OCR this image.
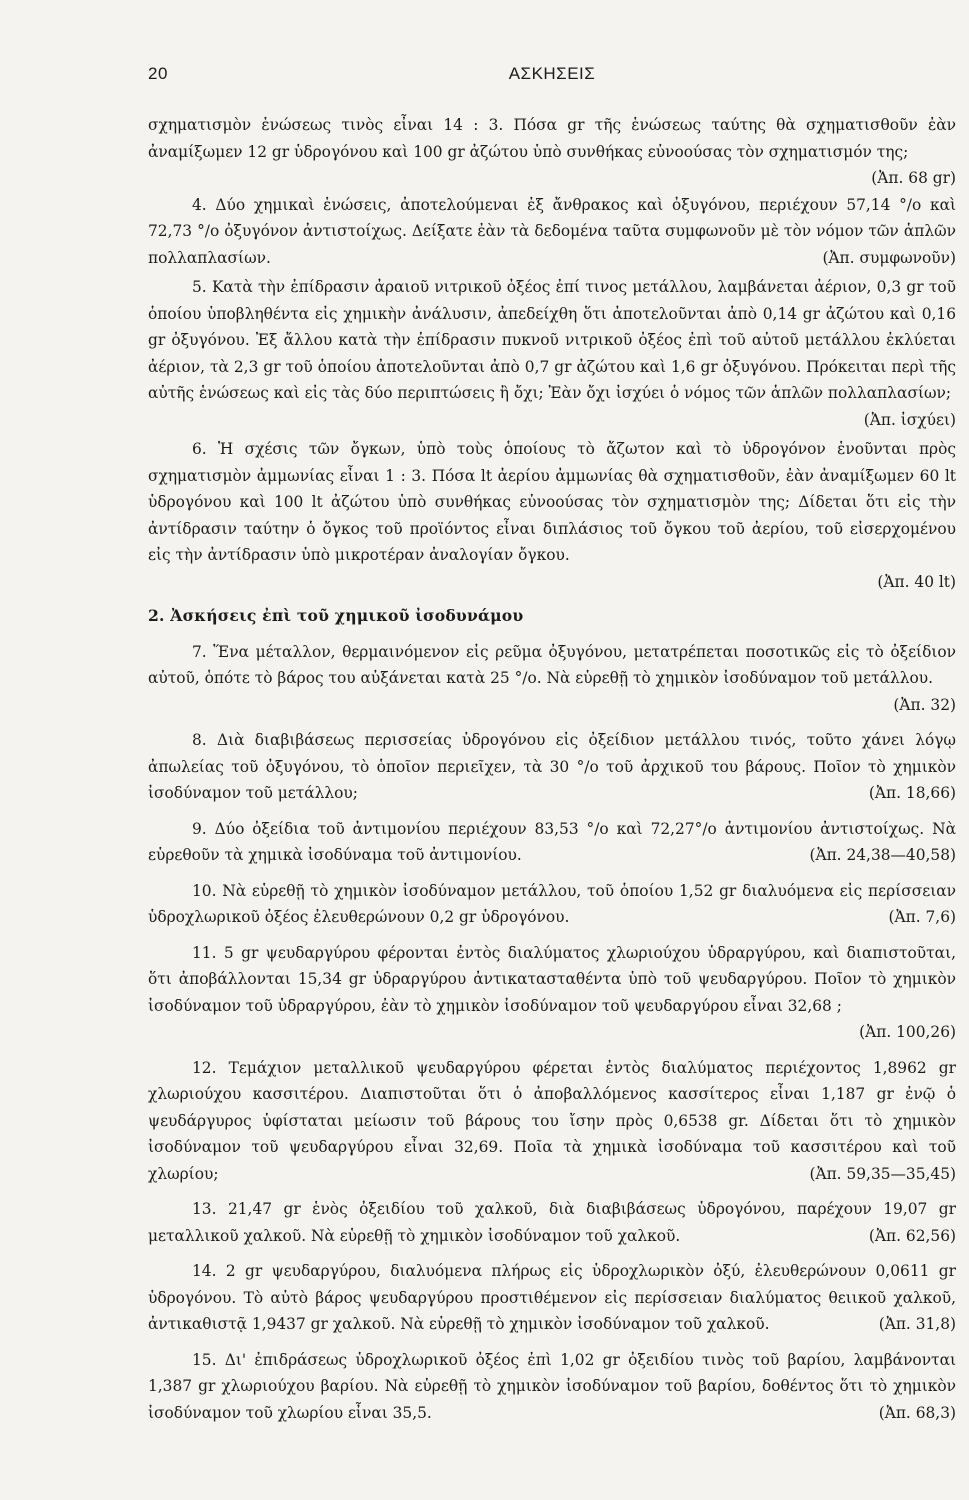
20	ΑΣΚΗΣΕΙΣ

σχηματισμὸν ἑνώσεως τινὸς εἶναι 14 : 3. Πόσα gr τῆς ἑνώσεως ταύτης θὰ σχηματισθοῦν ἐὰν ἀναμίξωμεν 12 gr ὑδρογόνου καὶ 100 gr ἀζώτου ὑπὸ συνθήκας εὐνοούσας τὸν σχηματισμόν της;
(Ἀπ. 68 gr)

4. Δύο χημικαὶ ἑνώσεις, ἀποτελούμεναι ἐξ ἄνθρακος καὶ ὀξυγόνου, περιέχουν 57,14 °/ο καὶ 72,73 °/ο ὀξυγόνον ἀντιστοίχως. Δείξατε ἐὰν τὰ δεδομένα ταῦτα συμφωνοῦν μὲ τὸν νόμον τῶν ἁπλῶν πολλαπλασίων.	(Ἀπ. συμφωνοῦν)

5. Κατὰ τὴν ἐπίδρασιν ἀραιοῦ νιτρικοῦ ὀξέος ἐπί τινος μετάλλου, λαμβάνεται ἀέριον, 0,3 gr τοῦ ὁποίου ὑποβληθέντα εἰς χημικὴν ἀνάλυσιν, ἀπεδείχθη ὅτι ἀποτελοῦνται ἀπὸ 0,14 gr ἀζώτου καὶ 0,16 gr ὀξυγόνου. Ἐξ ἄλλου κατὰ τὴν ἐπίδρασιν πυκνοῦ νιτρικοῦ ὀξέος ἐπὶ τοῦ αὐτοῦ μετάλλου ἐκλύεται ἀέριον, τὰ 2,3 gr τοῦ ὁποίου ἀποτελοῦνται ἀπὸ 0,7 gr ἀζώτου καὶ 1,6 gr ὀξυγόνου. Πρόκειται περὶ τῆς αὐτῆς ἑνώσεως καὶ εἰς τὰς δύο περιπτώσεις ἢ ὄχι; Ἐὰν ὄχι ἰσχύει ὁ νόμος τῶν ἁπλῶν πολλαπλασίων;
(Ἀπ. ἰσχύει)

6. Ἡ σχέσις τῶν ὄγκων, ὑπὸ τοὺς ὁποίους τὸ ἄζωτον καὶ τὸ ὑδρογόνον ἑνοῦνται πρὸς σχηματισμὸν ἀμμωνίας εἶναι 1 : 3. Πόσα lt ἀερίου ἀμμωνίας θὰ σχηματισθοῦν, ἐὰν ἀναμίξωμεν 60 lt ὑδρογόνου καὶ 100 lt ἀζώτου ὑπὸ συνθήκας εὐνοούσας τὸν σχηματισμὸν της; Δίδεται ὅτι εἰς τὴν ἀντίδρασιν ταύτην ὁ ὄγκος τοῦ προϊόντος εἶναι διπλάσιος τοῦ ὄγκου τοῦ ἀερίου, τοῦ εἰσερχομένου εἰς τὴν ἀντίδρασιν ὑπὸ μικροτέραν ἀναλογίαν ὄγκου.

(Ἀπ. 40 lt)

2. Ἀσκήσεις ἐπὶ τοῦ χημικοῦ ἰσοδυνάμου

7. Ἕνα μέταλλον, θερμαινόμενον εἰς ρεῦμα ὀξυγόνου, μετατρέπεται ποσοτικῶς εἰς τὸ ὀξείδιον αὐτοῦ, ὁπότε τὸ βάρος του αὐξάνεται κατὰ 25 °/ο. Νὰ εὑρεθῇ τὸ χημικὸν ἰσοδύναμον τοῦ μετάλλου.
(Ἀπ. 32)

8. Διὰ διαβιβάσεως περισσείας ὑδρογόνου εἰς ὀξείδιον μετάλλου τινός, τοῦτο χάνει λόγῳ ἀπωλείας τοῦ ὀξυγόνου, τὸ ὁποῖον περιεῖχεν, τὰ 30 °/ο τοῦ ἀρχικοῦ του βάρους. Ποῖον τὸ χημικὸν ἰσοδύναμον τοῦ μετάλλου;	(Ἀπ. 18,66)

9. Δύο ὀξείδια τοῦ ἀντιμονίου περιέχουν 83,53 °/ο καὶ 72,27°/ο ἀντιμονίου ἀντιστοίχως. Νὰ εὑρεθοῦν τὰ χημικὰ ἰσοδύναμα τοῦ ἀντιμονίου.	(Ἀπ. 24,38—40,58)

10. Νὰ εὑρεθῇ τὸ χημικὸν ἰσοδύναμον μετάλλου, τοῦ ὁποίου 1,52 gr διαλυόμενα εἰς περίσσειαν ὑδροχλωρικοῦ ὀξέος ἐλευθερώνουν 0,2 gr ὑδρογόνου.	(Ἀπ. 7,6)

11. 5 gr ψευδαργύρου φέρονται ἐντὸς διαλύματος χλωριούχου ὑδραργύρου, καὶ διαπιστοῦται, ὅτι ἀποβάλλονται 15,34 gr ὑδραργύρου ἀντικατασταθέντα ὑπὸ τοῦ ψευδαργύρου. Ποῖον τὸ χημικὸν ἰσοδύναμον τοῦ ὑδραργύρου, ἐὰν τὸ χημικὸν ἰσοδύναμον τοῦ ψευδαργύρου εἶναι 32,68 ;
(Ἀπ. 100,26)

12. Τεμάχιον μεταλλικοῦ ψευδαργύρου φέρεται ἐντὸς διαλύματος περιέχοντος 1,8962 gr χλωριούχου κασσιτέρου. Διαπιστοῦται ὅτι ὁ ἀποβαλλόμενος κασσίτερος εἶναι 1,187 gr ἐνῷ ὁ ψευδάργυρος ὑφίσταται μείωσιν τοῦ βάρους του ἴσην πρὸς 0,6538 gr. Δίδεται ὅτι τὸ χημικὸν ἰσοδύναμον τοῦ ψευδαργύρου εἶναι 32,69. Ποῖα τὰ χημικὰ ἰσοδύναμα τοῦ κασσιτέρου καὶ τοῦ χλωρίου;	(Ἀπ. 59,35—35,45)

13. 21,47 gr ἑνὸς ὀξειδίου τοῦ χαλκοῦ, διὰ διαβιβάσεως ὑδρογόνου, παρέχουν 19,07 gr μεταλλικοῦ χαλκοῦ. Νὰ εὑρεθῇ τὸ χημικὸν ἰσοδύναμον τοῦ χαλκοῦ.	(Ἀπ. 62,56)

14. 2 gr ψευδαργύρου, διαλυόμενα πλήρως εἰς ὑδροχλωρικὸν ὀξύ, ἐλευθερώνουν 0,0611 gr ὑδρογόνου. Τὸ αὐτὸ βάρος ψευδαργύρου προστιθέμενον εἰς περίσσειαν διαλύματος θειικοῦ χαλκοῦ, ἀντικαθιστᾷ 1,9437 gr χαλκοῦ. Νὰ εὑρεθῇ τὸ χημικὸν ἰσοδύναμον τοῦ χαλκοῦ.	(Ἀπ. 31,8)

15. Δι' ἐπιδράσεως ὑδροχλωρικοῦ ὀξέος ἐπὶ 1,02 gr ὀξειδίου τινὸς τοῦ βαρίου, λαμβάνονται 1,387 gr χλωριούχου βαρίου. Νὰ εὑρεθῇ τὸ χημικὸν ἰσοδύναμον τοῦ βαρίου, δοθέντος ὅτι τὸ χημικὸν ἰσοδύναμον τοῦ χλωρίου εἶναι 35,5.	(Ἀπ. 68,3)
